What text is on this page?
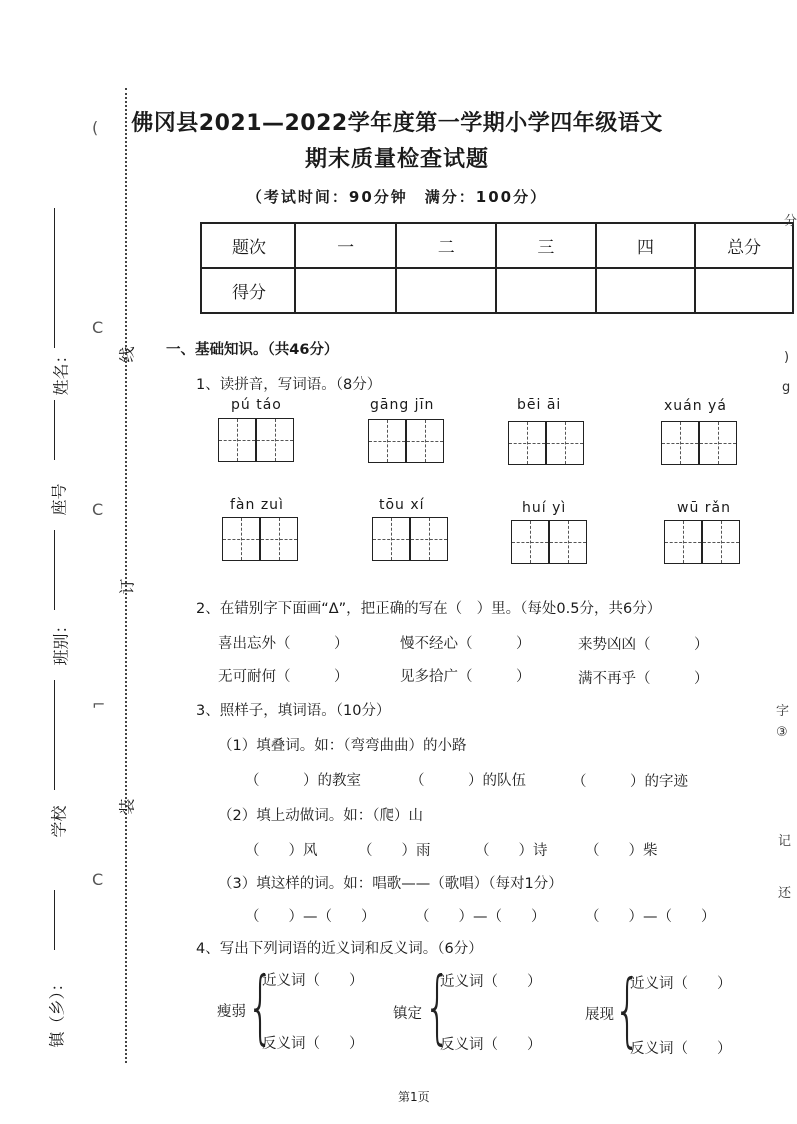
(
C
C
⌐
C
线
订
装
姓名：
座号
班别：
学校
镇（乡）：
佛冈县2021—2022学年度第一学期小学四年级语文
期末质量检查试题
（考试时间：90分钟　满分：100分）
题次	一	二	三	四	总分
得分					
一、基础知识。（共46分）
1、读拼音，写词语。（8分）
pú táo	gāng jīn	bēi āi	xuán yá
fàn zuì	tōu xí	huí yì	wū rǎn
2、在错别字下面画“Δ”，把正确的写在（　）里。（每处0.5分，共6分）
喜出忘外（　　　）	慢不经心（　　　）	来势凶凶（　　　）
无可耐何（　　　）	见多拾广（　　　）	满不再乎（　　　）
3、照样子，填词语。（10分）
（1）填叠词。如：（弯弯曲曲）的小路
（　　　）的教室	（　　　）的队伍	（　　　）的字迹
（2）填上动做词。如：（爬）山
（　　）风	（　　）雨	（　　）诗	（　　）柴
（3）填这样的词。如：唱歌——（歌唱）（每对1分）
（　　）—（　　）	（　　）—（　　）	（　　）—（　　）
4、写出下列词语的近义词和反义词。（6分）
瘦弱 {
近义词（　　）
反义词（　　）
镇定 {
近义词（　　）
反义词（　　）
展现 {
近义词（　　）
反义词（　　）
第1页
分
)
g
③
字
记
还
